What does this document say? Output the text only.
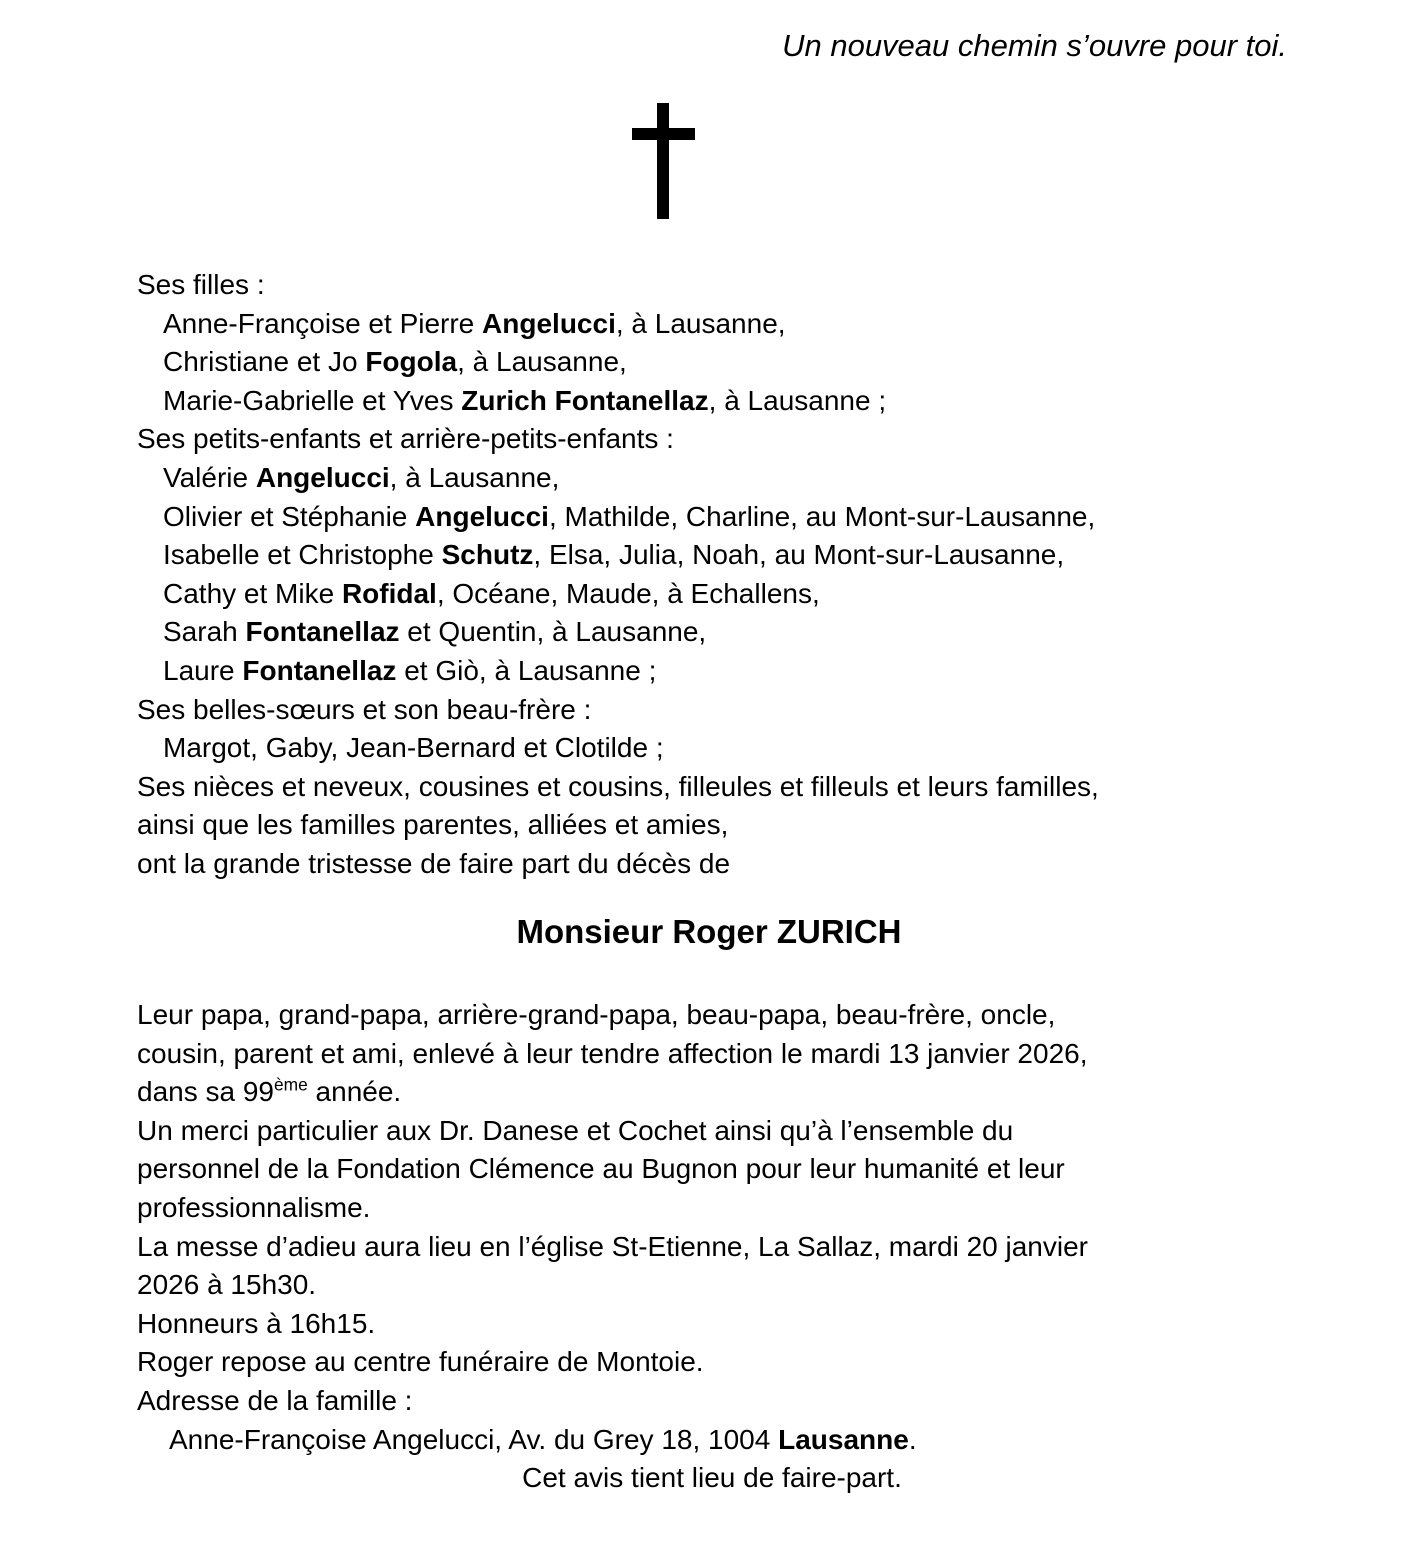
Un nouveau chemin s’ouvre pour toi.
Ses filles :
Anne-Françoise et Pierre Angelucci, à Lausanne,
Christiane et Jo Fogola, à Lausanne,
Marie-Gabrielle et Yves Zurich Fontanellaz, à Lausanne ;
Ses petits-enfants et arrière-petits-enfants :
Valérie Angelucci, à Lausanne,
Olivier et Stéphanie Angelucci, Mathilde, Charline, au Mont-sur-Lausanne,
Isabelle et Christophe Schutz, Elsa, Julia, Noah, au Mont-sur-Lausanne,
Cathy et Mike Rofidal, Océane, Maude, à Echallens,
Sarah Fontanellaz et Quentin, à Lausanne,
Laure Fontanellaz et Giò, à Lausanne ;
Ses belles-sœurs et son beau-frère :
Margot, Gaby, Jean-Bernard et Clotilde ;
Ses nièces et neveux, cousines et cousins, filleules et filleuls et leurs familles,
ainsi que les familles parentes, alliées et amies,
ont la grande tristesse de faire part du décès de
Monsieur Roger ZURICH
Leur papa, grand-papa, arrière-grand-papa, beau-papa, beau-frère, oncle,
cousin, parent et ami, enlevé à leur tendre affection le mardi 13 janvier 2026,
dans sa 99ème année.
Un merci particulier aux Dr. Danese et Cochet ainsi qu’à l’ensemble du
personnel de la Fondation Clémence au Bugnon pour leur humanité et leur
professionnalisme.
La messe d’adieu aura lieu en l’église St-Etienne, La Sallaz, mardi 20 janvier
2026 à 15h30.
Honneurs à 16h15.
Roger repose au centre funéraire de Montoie.
Adresse de la famille :
Anne-Françoise Angelucci, Av. du Grey 18, 1004 Lausanne.
Cet avis tient lieu de faire-part.
